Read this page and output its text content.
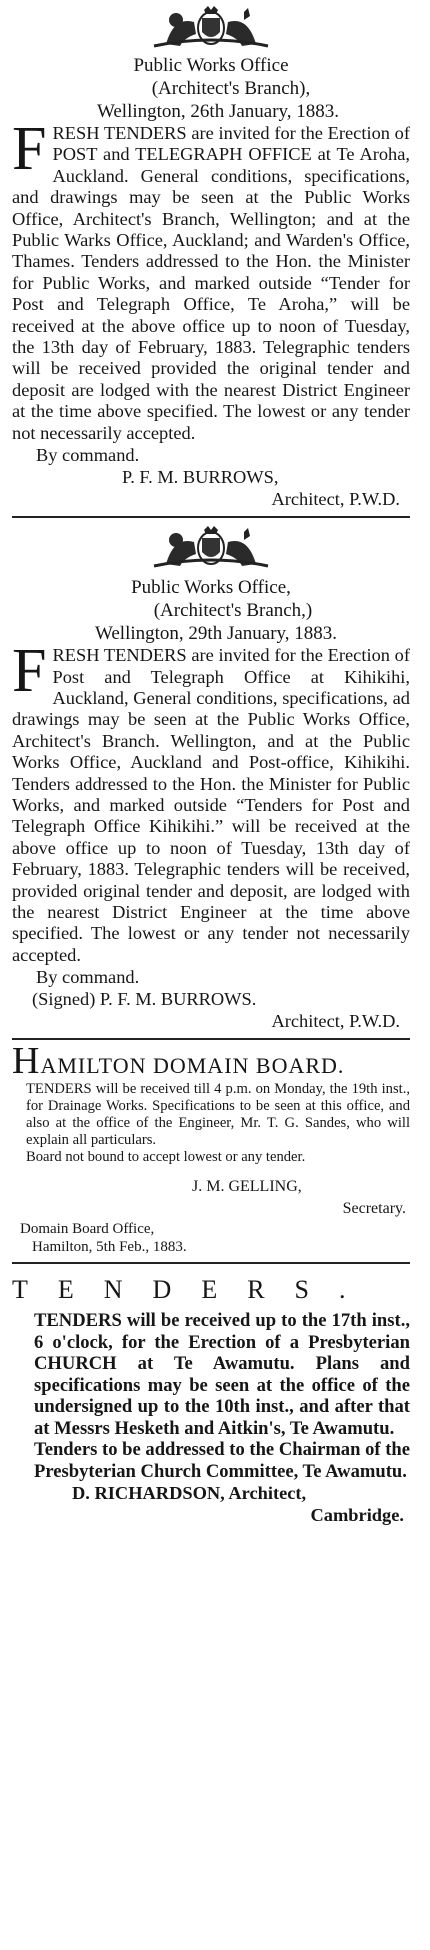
Public Works Office
(Architect's Branch),
Wellington, 26th January, 1883.

FRESH TENDERS are invited for the Erection of POST and TELEGRAPH OFFICE at Te Aroha, Auckland. General conditions, specifications, and drawings may be seen at the Public Works Office, Architect's Branch, Wellington; and at the Public Warks Office, Auckland; and Warden's Office, Thames. Tenders addressed to the Hon. the Minister for Public Works, and marked outside “Tender for Post and Telegraph Office, Te Aroha,” will be received at the above office up to noon of Tuesday, the 13th day of February, 1883. Telegraphic tenders will be received provided the original tender and deposit are lodged with the nearest District Engineer at the time above specified. The lowest or any tender not necessarily accepted.

By command.
P. F. M. BURROWS,
Architect, P.W.D.
Public Works Office,
(Architect's Branch,)
Wellington, 29th January, 1883.

FRESH TENDERS are invited for the Erection of Post and Telegraph Office at Kihikihi, Auckland, General conditions, specifications, ad drawings may be seen at the Public Works Office, Architect's Branch. Wellington, and at the Public Works Office, Auckland and Post-office, Kihikihi. Tenders addressed to the Hon. the Minister for Public Works, and marked outside “Tenders for Post and Telegraph Office Kihikihi.” will be received at the above office up to noon of Tuesday, 13th day of February, 1883. Telegraphic tenders will be received, provided original tender and deposit, are lodged with the nearest District Engineer at the time above specified. The lowest or any tender not necessarily accepted.

By command.
(Signed) P. F. M. BURROWS.
Architect, P.W.D.
HAMILTON DOMAIN BOARD.

TENDERS will be received till 4 p.m. on Monday, the 19th inst., for Drainage Works. Specifications to be seen at this office, and also at the office of the Engineer, Mr. T. G. Sandes, who will explain all particulars.

Board not bound to accept lowest or any tender.

J. M. GELLING,
Secretary.
Domain Board Office,
Hamilton, 5th Feb., 1883.
TENDERS.

TENDERS will be received up to the 17th inst., 6 o'clock, for the Erection of a Presbyterian CHURCH at Te Awamutu. Plans and specifications may be seen at the office of the undersigned up to the 10th inst., and after that at Messrs Hesketh and Aitkin's, Te Awamutu.

Tenders to be addressed to the Chairman of the Presbyterian Church Committee, Te Awamutu.

D. RICHARDSON, Architect,
Cambridge.
